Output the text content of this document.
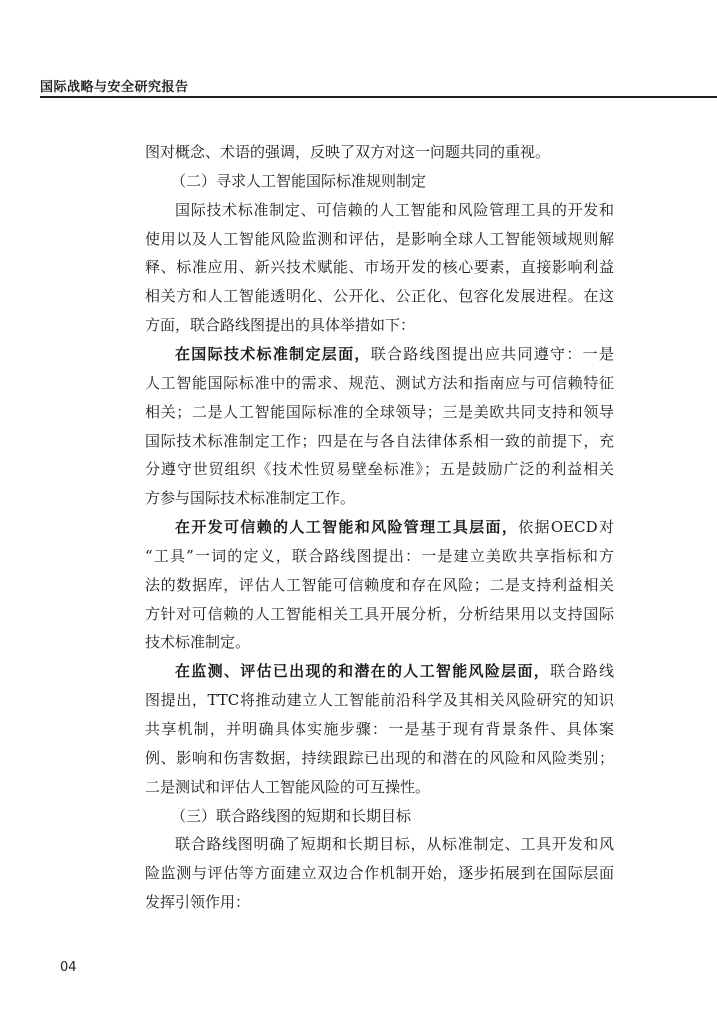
国际战略与安全研究报告
图对概念、术语的强调，反映了双方对这一问题共同的重视。
（二）寻求人工智能国际标准规则制定
国际技术标准制定、可信赖的人工智能和风险管理工具的开发和
使用以及人工智能风险监测和评估，是影响全球人工智能领域规则解
释、标准应用、新兴技术赋能、市场开发的核心要素，直接影响利益
相关方和人工智能透明化、公开化、公正化、包容化发展进程。在这
方面，联合路线图提出的具体举措如下：
在国际技术标准制定层面，联合路线图提出应共同遵守：一是
人工智能国际标准中的需求、规范、测试方法和指南应与可信赖特征
相关；二是人工智能国际标准的全球领导；三是美欧共同支持和领导
国际技术标准制定工作；四是在与各自法律体系相一致的前提下，充
分遵守世贸组织《技术性贸易壁垒标准》；五是鼓励广泛的利益相关
方参与国际技术标准制定工作。
在开发可信赖的人工智能和风险管理工具层面，依据OECD对
“工具”一词的定义，联合路线图提出：一是建立美欧共享指标和方
法的数据库，评估人工智能可信赖度和存在风险；二是支持利益相关
方针对可信赖的人工智能相关工具开展分析，分析结果用以支持国际
技术标准制定。
在监测、评估已出现的和潜在的人工智能风险层面，联合路线
图提出，TTC将推动建立人工智能前沿科学及其相关风险研究的知识
共享机制，并明确具体实施步骤：一是基于现有背景条件、具体案
例、影响和伤害数据，持续跟踪已出现的和潜在的风险和风险类别；
二是测试和评估人工智能风险的可互操性。
（三）联合路线图的短期和长期目标
联合路线图明确了短期和长期目标，从标准制定、工具开发和风
险监测与评估等方面建立双边合作机制开始，逐步拓展到在国际层面
发挥引领作用：
04
